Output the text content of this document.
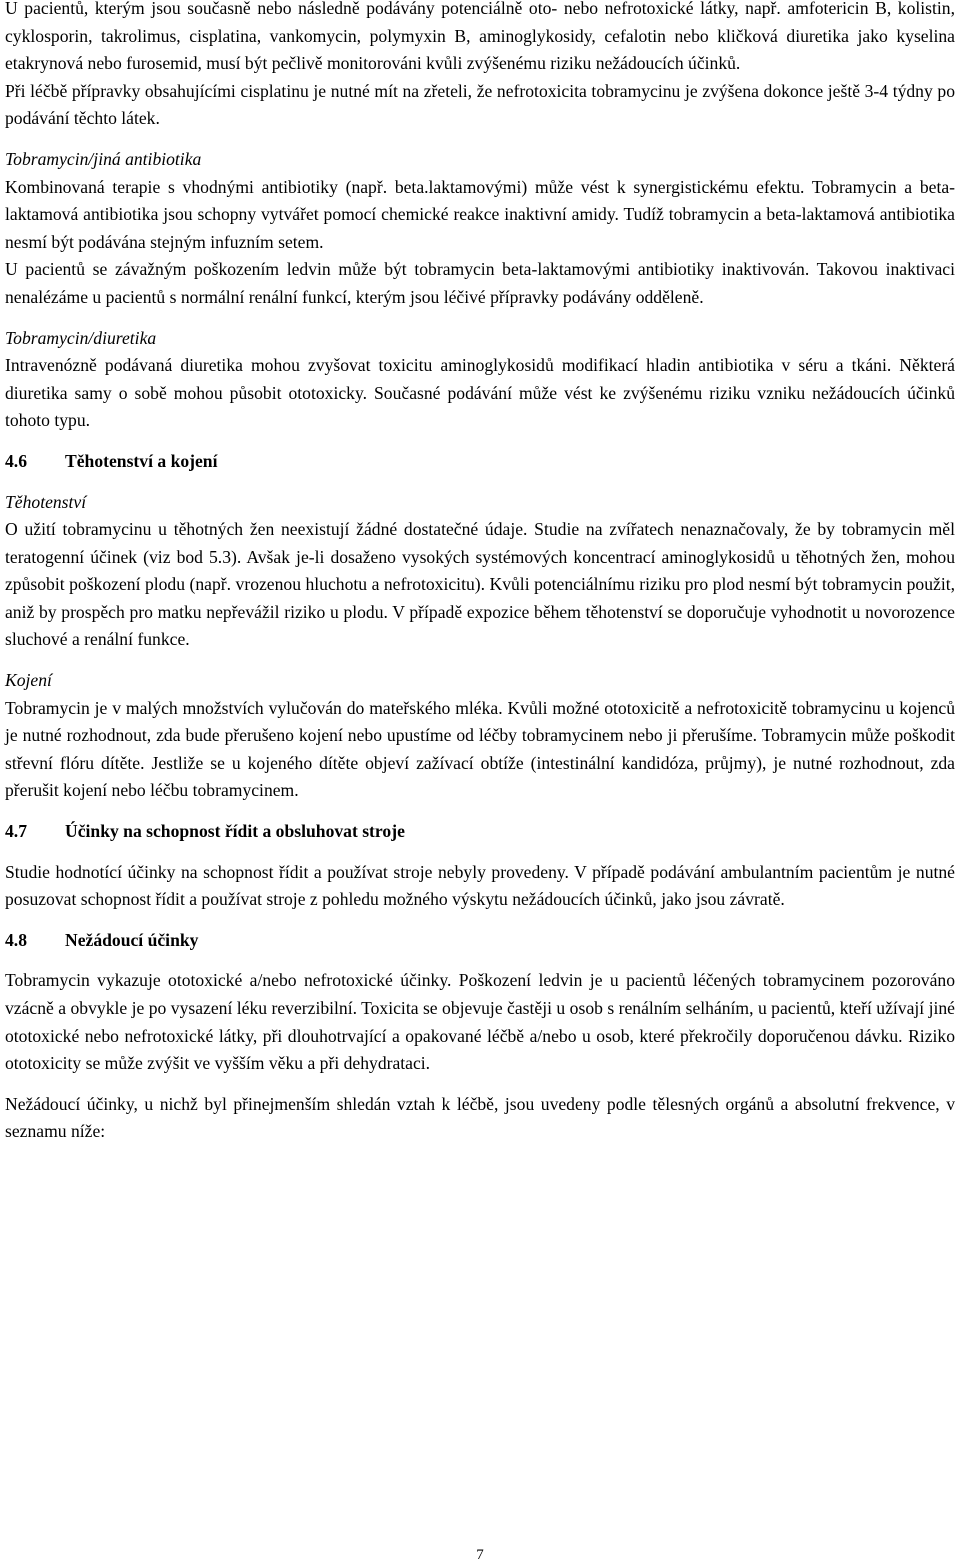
U pacientů, kterým jsou současně nebo následně podávány potenciálně oto- nebo nefrotoxické látky, např. amfotericin B, kolistin, cyklosporin, takrolimus, cisplatina, vankomycin, polymyxin B, aminoglykosidy, cefalotin nebo kličková diuretika jako kyselina etakrynová nebo furosemid, musí být pečlivě monitorováni kvůli zvýšenému riziku nežádoucích účinků.

Při léčbě přípravky obsahujícími cisplatinu je nutné mít na zřeteli, že nefrotoxicita tobramycinu je zvýšena dokonce ještě 3-4 týdny po podávání těchto látek.

Tobramycin/jiná antibiotika

Kombinovaná terapie s vhodnými antibiotiky (např. beta.laktamovými) může vést k synergistickému efektu. Tobramycin a beta-laktamová antibiotika jsou schopny vytvářet pomocí chemické reakce inaktivní amidy. Tudíž tobramycin a beta-laktamová antibiotika nesmí být podávána stejným infuzním setem.

U pacientů se závažným poškozením ledvin může být tobramycin beta-laktamovými antibiotiky inaktivován. Takovou inaktivaci nenalézáme u pacientů s normální renální funkcí, kterým jsou léčivé přípravky podávány odděleně.

Tobramycin/diuretika

Intravenózně podávaná diuretika mohou zvyšovat toxicitu aminoglykosidů modifikací hladin antibiotika v séru a tkáni. Některá diuretika samy o sobě mohou působit ototoxicky. Současné podávání může vést ke zvýšenému riziku vzniku nežádoucích účinků tohoto typu.

4.6 Těhotenství a kojení

Těhotenství

O užití tobramycinu u těhotných žen neexistují žádné dostatečné údaje. Studie na zvířatech nenaznačovaly, že by tobramycin měl teratogenní účinek (viz bod 5.3). Avšak je-li dosaženo vysokých systémových koncentrací aminoglykosidů u těhotných žen, mohou způsobit poškození plodu (např. vrozenou hluchotu a nefrotoxicitu). Kvůli potenciálnímu riziku pro plod nesmí být tobramycin použit, aniž by prospěch pro matku nepřevážil riziko u plodu. V případě expozice během těhotenství se doporučuje vyhodnotit u novorozence sluchové a renální funkce.

Kojení

Tobramycin je v malých množstvích vylučován do mateřského mléka. Kvůli možné ototoxicitě a nefrotoxicitě tobramycinu u kojenců je nutné rozhodnout, zda bude přerušeno kojení nebo upustíme od léčby tobramycinem nebo ji přerušíme. Tobramycin může poškodit střevní flóru dítěte. Jestliže se u kojeného dítěte objeví zažívací obtíže (intestinální kandidóza, průjmy), je nutné rozhodnout, zda přerušit kojení nebo léčbu tobramycinem.

4.7 Účinky na schopnost řídit a obsluhovat stroje

Studie hodnotící účinky na schopnost řídit a používat stroje nebyly provedeny. V případě podávání ambulantním pacientům je nutné posuzovat schopnost řídit a používat stroje z pohledu možného výskytu nežádoucích účinků, jako jsou závratě.

4.8 Nežádoucí účinky

Tobramycin vykazuje ototoxické a/nebo nefrotoxické účinky. Poškození ledvin je u pacientů léčených tobramycinem pozorováno vzácně a obvykle je po vysazení léku reverzibilní. Toxicita se objevuje častěji u osob s renálním selháním, u pacientů, kteří užívají jiné ototoxické nebo nefrotoxické látky, při dlouhotrvající a opakované léčbě a/nebo u osob, které překročily doporučenou dávku. Riziko ototoxicity se může zvýšit ve vyšším věku a při dehydrataci.

Nežádoucí účinky, u nichž byl přinejmenším shledán vztah k léčbě, jsou uvedeny podle tělesných orgánů a absolutní frekvence, v seznamu níže:

7
